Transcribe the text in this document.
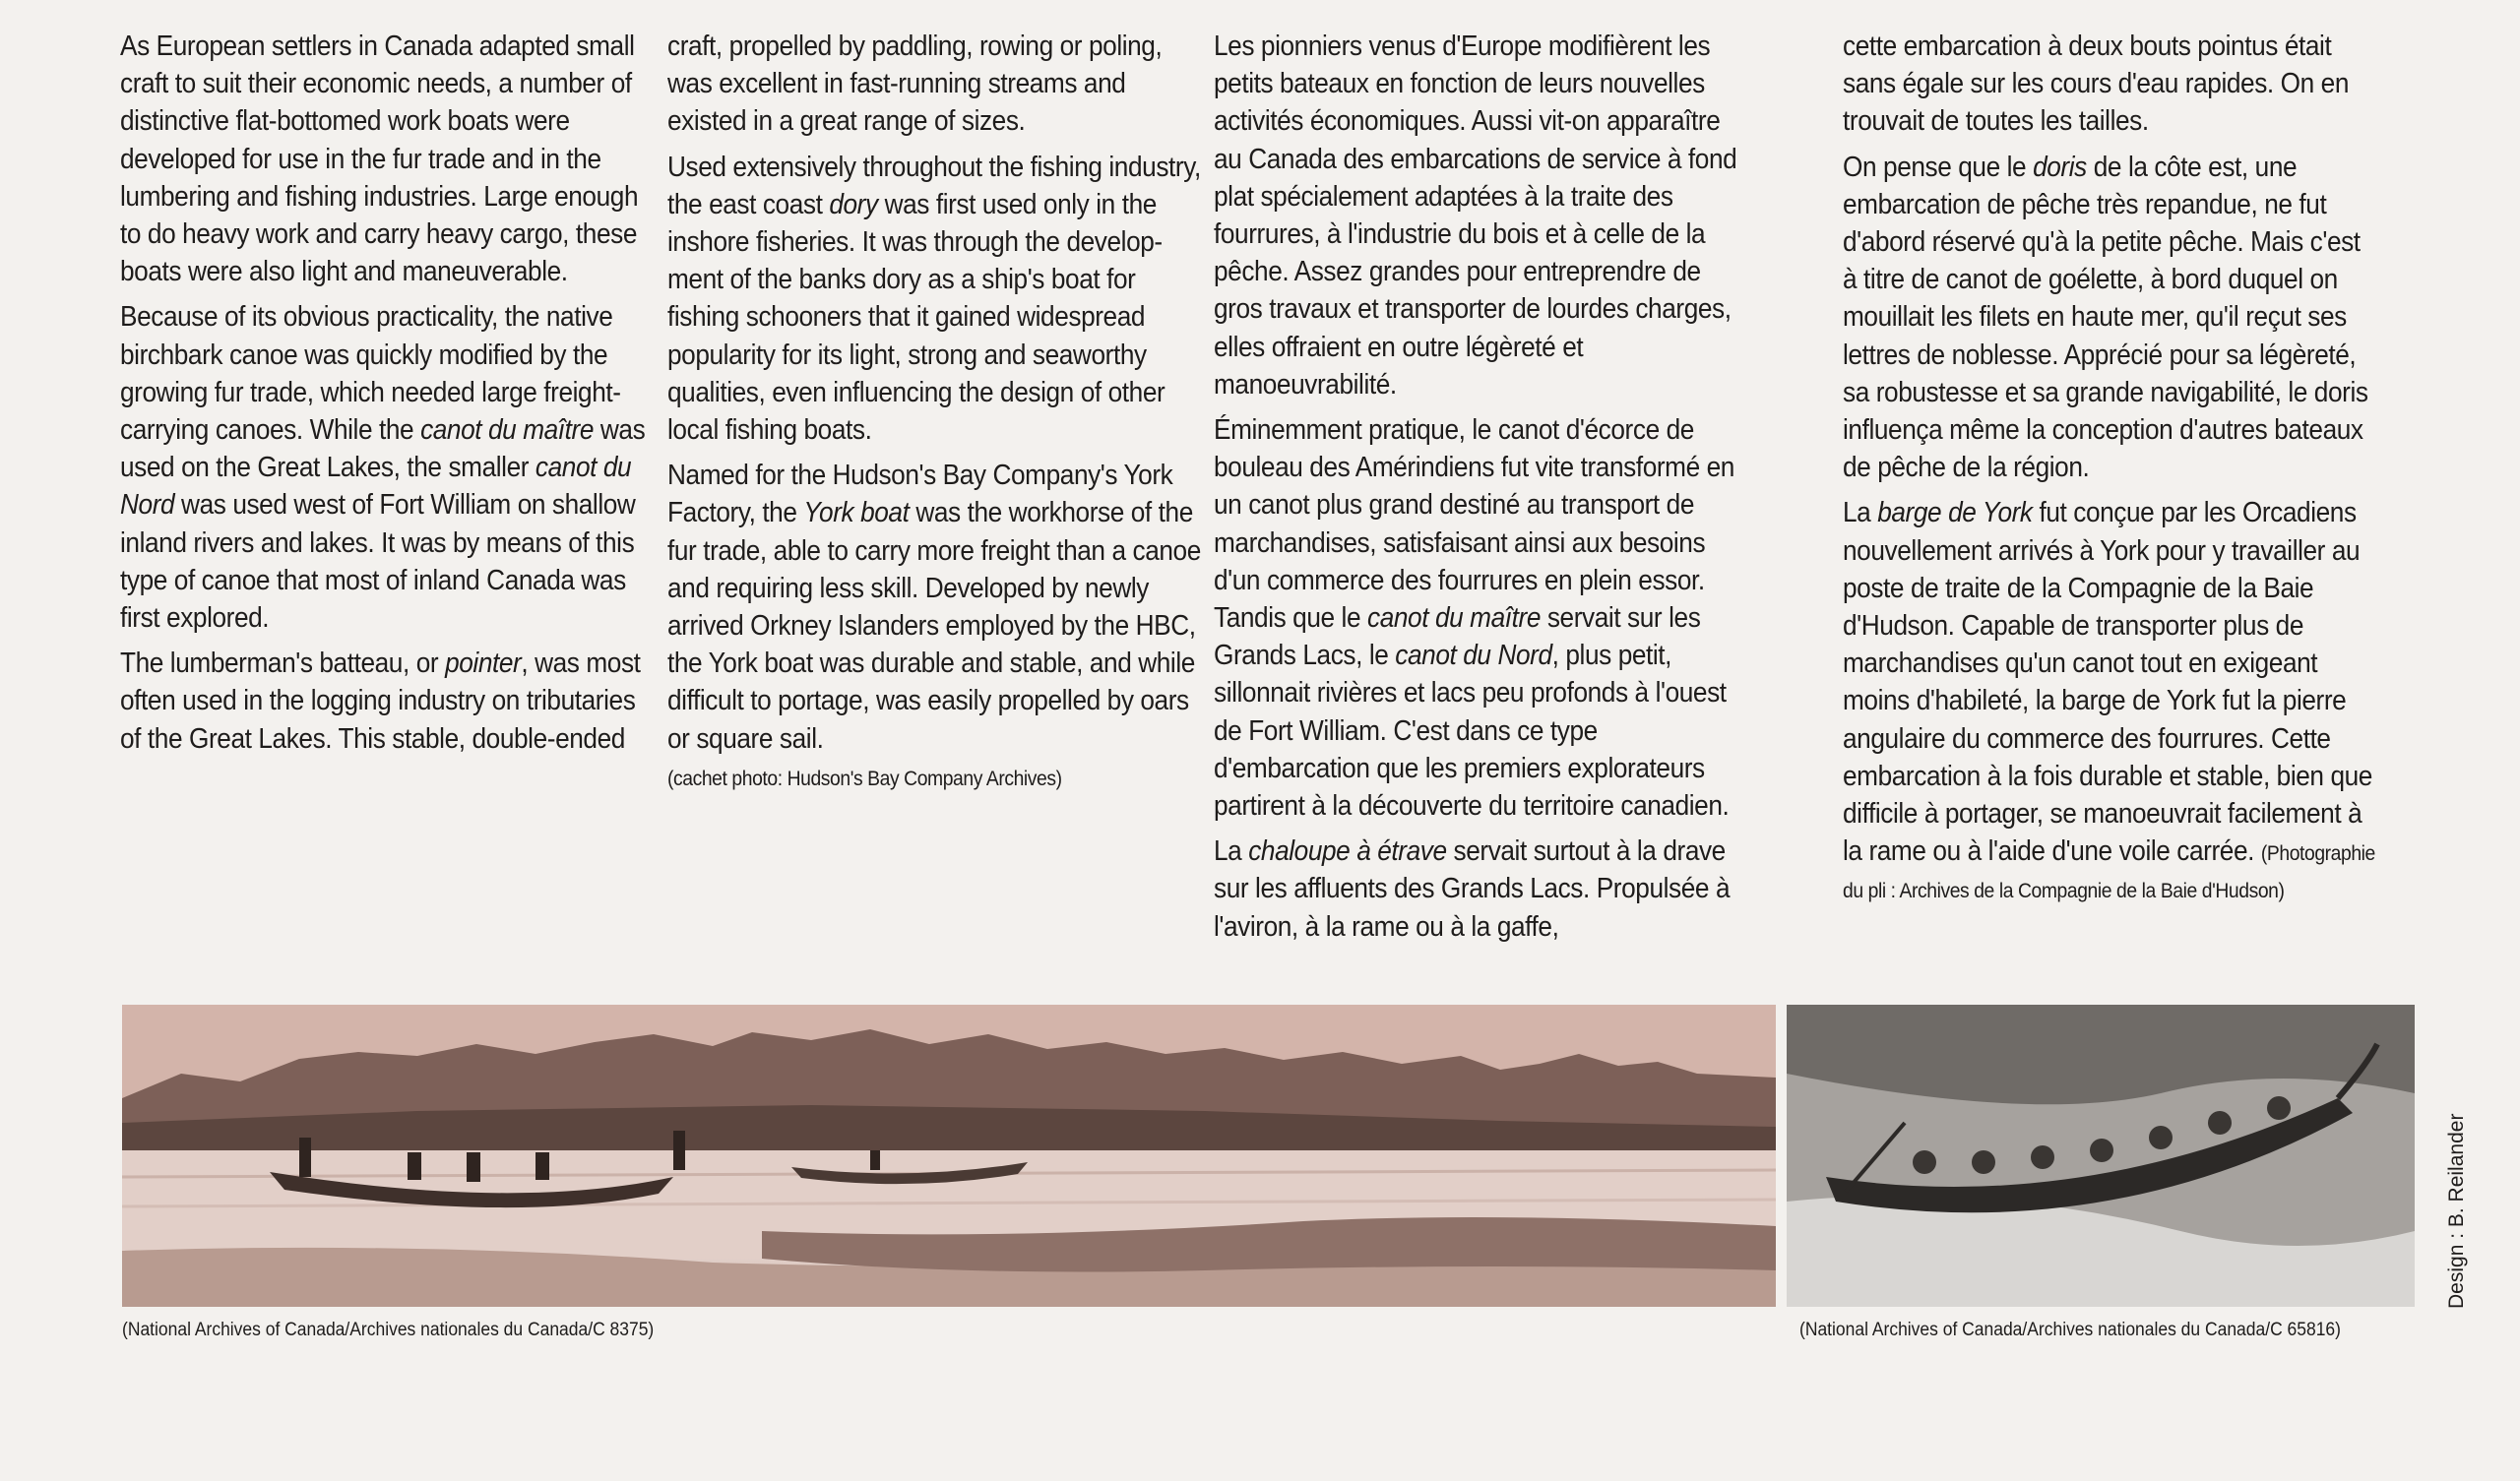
As European settlers in Canada adapted small craft to suit their economic needs, a number of distinctive flat-bottomed work boats were developed for use in the fur trade and in the lumbering and fishing industries. Large enough to do heavy work and carry heavy cargo, these boats were also light and maneuverable.

Because of its obvious practicality, the native birchbark canoe was quickly modified by the growing fur trade, which needed large freight-carrying canoes. While the canot du maître was used on the Great Lakes, the smaller canot du Nord was used west of Fort William on shallow inland rivers and lakes. It was by means of this type of canoe that most of inland Canada was first explored.

The lumberman's batteau, or pointer, was most often used in the logging industry on tributaries of the Great Lakes. This stable, double-ended

craft, propelled by paddling, rowing or poling, was excellent in fast-running streams and existed in a great range of sizes.

Used extensively throughout the fishing industry, the east coast dory was first used only in the inshore fisheries. It was through the develop-ment of the banks dory as a ship's boat for fishing schooners that it gained widespread popularity for its light, strong and seaworthy qualities, even influencing the design of other local fishing boats.

Named for the Hudson's Bay Company's York Factory, the York boat was the workhorse of the fur trade, able to carry more freight than a canoe and requiring less skill. Developed by newly arrived Orkney Islanders employed by the HBC, the York boat was durable and stable, and while difficult to portage, was easily propelled by oars or square sail.

(cachet photo: Hudson's Bay Company Archives)

Les pionniers venus d'Europe modifièrent les petits bateaux en fonction de leurs nouvelles activités économiques. Aussi vit-on apparaître au Canada des embarcations de service à fond plat spécialement adaptées à la traite des fourrures, à l'industrie du bois et à celle de la pêche. Assez grandes pour entreprendre de gros travaux et transporter de lourdes charges, elles offraient en outre légèreté et manoeuvrabilité.

Éminemment pratique, le canot d'écorce de bouleau des Amérindiens fut vite transformé en un canot plus grand destiné au transport de marchandises, satisfaisant ainsi aux besoins d'un commerce des fourrures en plein essor. Tandis que le canot du maître servait sur les Grands Lacs, le canot du Nord, plus petit, sillonnait rivières et lacs peu profonds à l'ouest de Fort William. C'est dans ce type d'embarcation que les premiers explorateurs partirent à la découverte du territoire canadien.

La chaloupe à étrave servait surtout à la drave sur les affluents des Grands Lacs. Propulsée à l'aviron, à la rame ou à la gaffe,

cette embarcation à deux bouts pointus était sans égale sur les cours d'eau rapides. On en trouvait de toutes les tailles.

On pense que le doris de la côte est, une embarcation de pêche très repandue, ne fut d'abord réservé qu'à la petite pêche. Mais c'est à titre de canot de goélette, à bord duquel on mouillait les filets en haute mer, qu'il reçut ses lettres de noblesse. Apprécié pour sa légèreté, sa robustesse et sa grande navigabilité, le doris influença même la conception d'autres bateaux de pêche de la région.

La barge de York fut conçue par les Orcadiens nouvellement arrivés à York pour y travailler au poste de traite de la Compagnie de la Baie d'Hudson. Capable de transporter plus de marchandises qu'un canot tout en exigeant moins d'habileté, la barge de York fut la pierre angulaire du commerce des fourrures. Cette embarcation à la fois durable et stable, bien que difficile à portager, se manoeuvrait facilement à la rame ou à l'aide d'une voile carrée. (Photographie du pli : Archives de la Compagnie de la Baie d'Hudson)

(National Archives of Canada/Archives nationales du Canada/C 8375)	(National Archives of Canada/Archives nationales du Canada/C 65816)
Design : B. Reilander
